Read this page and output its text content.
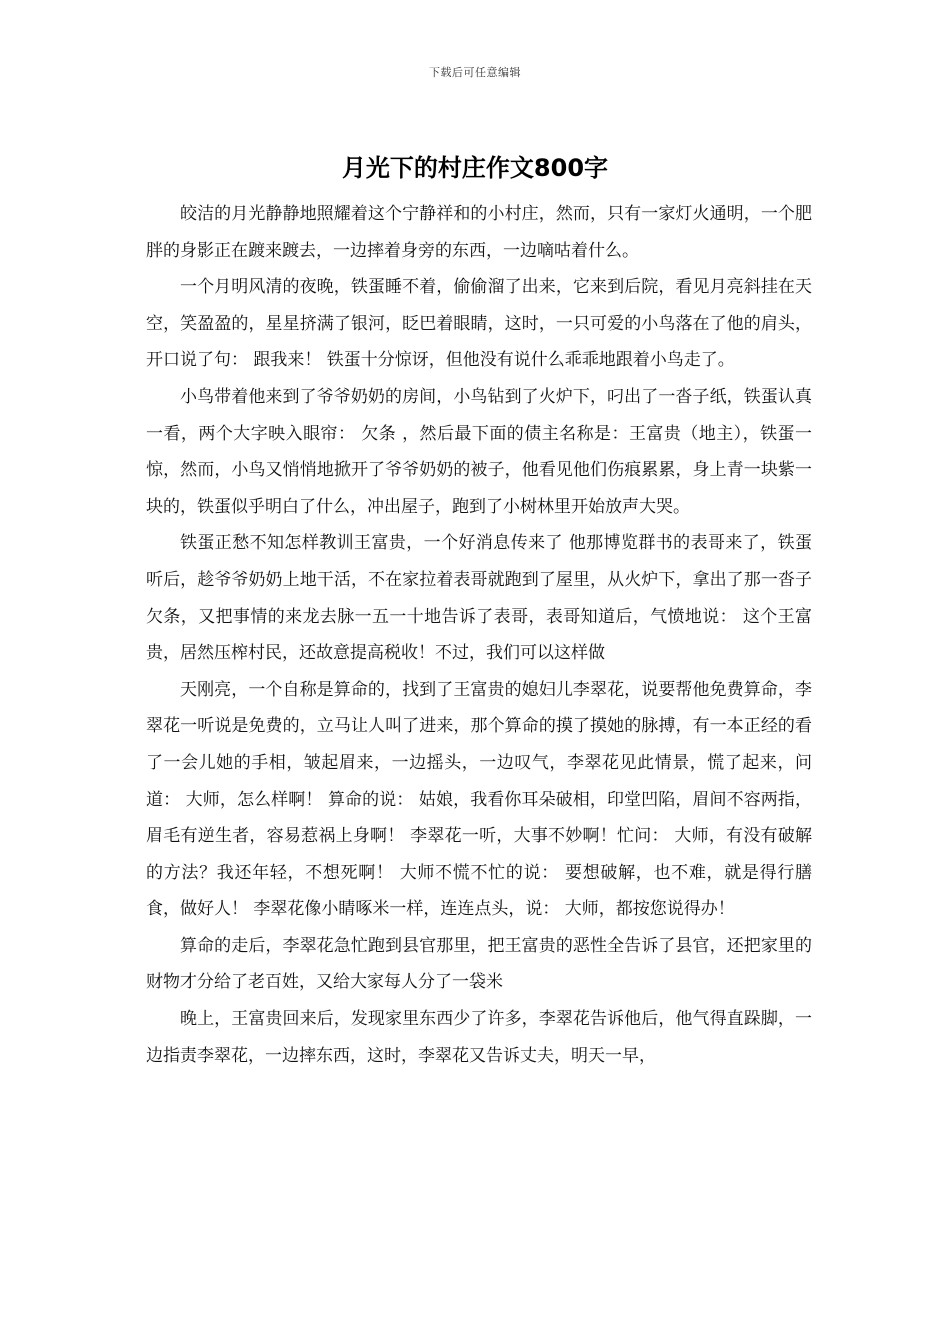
下载后可任意编辑
月光下的村庄作文800字

皎洁的月光静静地照耀着这个宁静祥和的小村庄，然而，只有一家灯火通明，一个肥胖的身影正在踱来踱去，一边摔着身旁的东西，一边嘀咕着什么。

一个月明风清的夜晚，铁蛋睡不着，偷偷溜了出来，它来到后院，看见月亮斜挂在天空，笑盈盈的，星星挤满了银河，眨巴着眼睛，这时，一只可爱的小鸟落在了他的肩头，开口说了句： 跟我来！ 铁蛋十分惊讶，但他没有说什么乖乖地跟着小鸟走了。

小鸟带着他来到了爷爷奶奶的房间，小鸟钻到了火炉下，叼出了一沓子纸，铁蛋认真一看，两个大字映入眼帘： 欠条 ，然后最下面的债主名称是：王富贵（地主），铁蛋一惊，然而，小鸟又悄悄地掀开了爷爷奶奶的被子，他看见他们伤痕累累，身上青一块紫一块的，铁蛋似乎明白了什么，冲出屋子，跑到了小树林里开始放声大哭。

铁蛋正愁不知怎样教训王富贵，一个好消息传来了 他那博览群书的表哥来了，铁蛋听后，趁爷爷奶奶上地干活，不在家拉着表哥就跑到了屋里，从火炉下，拿出了那一沓子欠条，又把事情的来龙去脉一五一十地告诉了表哥，表哥知道后，气愤地说： 这个王富贵，居然压榨村民，还故意提高税收！不过，我们可以这样做

天刚亮，一个自称是算命的，找到了王富贵的媳妇儿李翠花，说要帮他免费算命，李翠花一听说是免费的，立马让人叫了进来，那个算命的摸了摸她的脉搏，有一本正经的看了一会儿她的手相，皱起眉来，一边摇头，一边叹气，李翠花见此情景，慌了起来，问道： 大师，怎么样啊！ 算命的说： 姑娘，我看你耳朵破相，印堂凹陷，眉间不容两指，眉毛有逆生者，容易惹祸上身啊！ 李翠花一听，大事不妙啊！忙问： 大师，有没有破解的方法？我还年轻，不想死啊！ 大师不慌不忙的说： 要想破解，也不难，就是得行膳食，做好人！ 李翠花像小睛啄米一样，连连点头，说： 大师，都按您说得办！

算命的走后，李翠花急忙跑到县官那里，把王富贵的恶性全告诉了县官，还把家里的财物才分给了老百姓，又给大家每人分了一袋米

晚上，王富贵回来后，发现家里东西少了许多，李翠花告诉他后，他气得直跺脚，一边指责李翠花，一边摔东西，这时，李翠花又告诉丈夫，明天一早，
